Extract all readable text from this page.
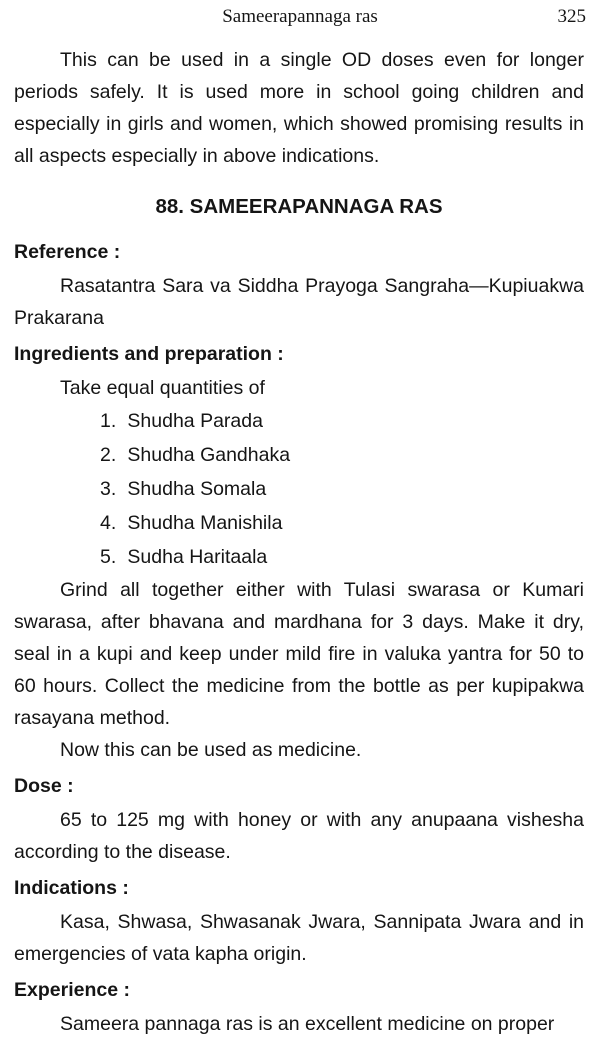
Sameerapannaga ras	325

This can be used in a single OD doses even for longer periods safely. It is used more in school going children and especially in girls and women, which showed promising results in all aspects especially in above indications.

88. SAMEERAPANNAGA RAS
Reference :

Rasatantra Sara va Siddha Prayoga Sangraha—Kupiuakwa Prakarana

Ingredients and preparation :

Take equal quantities of

1. Shudha Parada
2. Shudha Gandhaka
3. Shudha Somala
4. Shudha Manishila
5. Sudha Haritaala

Grind all together either with Tulasi swarasa or Kumari swarasa, after bhavana and mardhana for 3 days. Make it dry, seal in a kupi and keep under mild fire in valuka yantra for 50 to 60 hours. Collect the medicine from the bottle as per kupipakwa rasayana method.

Now this can be used as medicine.

Dose :

65 to 125 mg with honey or with any anupaana vishesha according to the disease.

Indications :

Kasa, Shwasa, Shwasanak Jwara, Sannipata Jwara and in emergencies of vata kapha origin.

Experience :

Sameera pannaga ras is an excellent medicine on proper
